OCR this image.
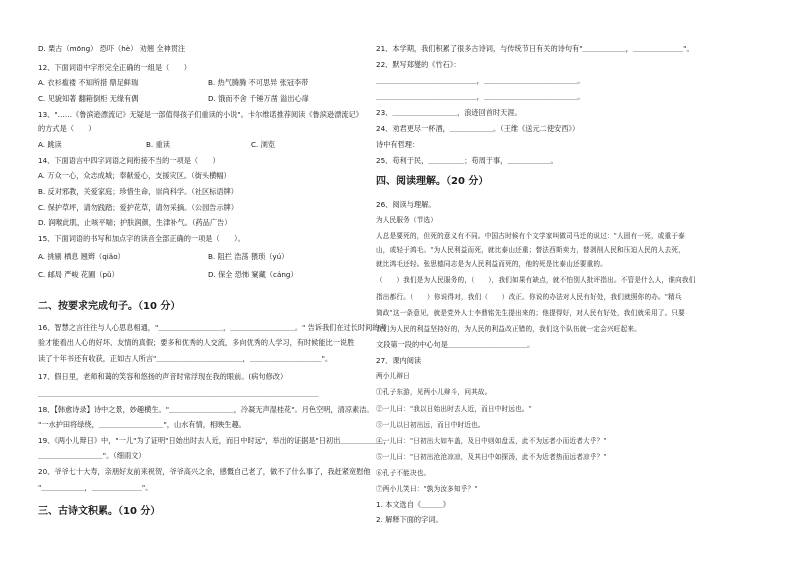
D. 栗古（mōng） 恐吓（hè） 劝翘 全神贯注
12、下面词语中字形完全正确的一组是（　　）
A. 衣衫褴褛 不知所措 鼎足鲜瑞	B. 热气腾腾 不可思异 张冠李带
C. 见貌知著 翻箱倒柜 无缘有偶	D. 饿而不舍 千锤万凿 溢出心扉
13、"……《鲁滨逊漂流记》无疑是一部值得孩子们重读的小说"。卡尔维诺推荐阅读《鲁滨逊漂流记》
的方式是（　　）
A. 跳读	B. 重读	C. 浏览
14、下面语言中四字词语之间衔接不当的一项是（　　）
A. 万众一心，众志成城；奉献爱心，支援灾区。（街头横幅）
B. 反对邪教，关爱家庭；珍惜生命，崇尚科学。（社区标语牌）
C. 保护草坪，请勿践踏；爱护花草，请勿采摘。（公园告示牌）
D. 润喉此肌，止咳平喘；护肤润颜，生津补气。（药品广告）
15、下面词语的书写和加点字的读音全部正确的一项是（　　）。
A. 挑剔 栖息 翘辫（qiǎo）	B. 阻拦 浩荡 猥琐（yú）
C. 邮局 严峻 花圃（pǔ）	D. 保全 恐怖 窠藏（cáng）
16、智慧之言往往与人心思息相通，"＿＿＿＿＿＿＿＿＿，＿＿＿＿＿＿＿＿＿。" 告诉我们在过长时间的考
验才能看出人心的好坏、友情的真假；要多和优秀的人交流，多向优秀的人学习，有时候能比一说胜
读了十年书还有收获，正如古人所言"＿＿＿＿＿＿＿＿＿＿＿＿，＿＿＿＿＿＿＿＿＿＿"。
17、假日里，老师和蔼的笑容和悠扬的声音时常浮现在我的眼前。(病句修改）
＿＿＿＿＿＿＿＿＿＿＿＿＿＿＿＿＿＿＿＿＿＿＿＿＿＿＿＿＿＿＿＿＿＿＿＿＿＿＿
18、【韩愈诗录】诗中之景，妙趣横生。"＿＿＿＿＿＿＿＿＿，冷凝无声湿桂花"。月色空明，清凉素洁。
"一水护田将绿绕，＿＿＿＿＿＿＿＿＿"，山水有情，相映生趣。
19、《两小儿辩日》中，"一儿"为了证明"日始出时去人近，而日中时远"，举出的证据是"日初出＿＿＿＿＿＿，
＿＿＿＿＿＿＿＿＿"。（细雨文）
20、爷爷七十大寿，亲朋好友前来祝贺，爷爷高兴之余，感慨自己老了，做不了什么事了，我赶紧宽慰他
"＿＿＿＿＿＿，＿＿＿＿＿＿＿"。
21、本学期，我们积累了很多古诗词，与传统节日有关的诗句有"＿＿＿＿＿＿，＿＿＿＿＿＿＿"。
22、默写郑燮的《竹石》：
＿＿＿＿＿＿＿＿＿＿＿＿＿＿，＿＿＿＿＿＿＿＿＿＿＿＿＿。
＿＿＿＿＿＿＿＿＿＿＿＿＿＿，＿＿＿＿＿＿＿＿＿＿＿＿＿。
23、＿＿＿＿＿＿＿＿＿，浪迹回首时天涯。
24、劝君更尽一杯酒，＿＿＿＿＿＿。（王维《送元二使安西》）
诗中有哲理：
25、苟利于民，＿＿＿＿＿；苟周于事，＿＿＿＿＿＿。
26、阅读与理解。
为人民服务（节选）
人总是要死的，但死的意义有不同。中国古时候有个文学家叫做司马迁的说过："人固有一死，或重于泰
山，或轻于鸿毛。"为人民利益而死，就比泰山还重；替法西斯卖力，替剥削人民和压迫人民的人去死，
就比鸿毛还轻。张思德同志是为人民利益而死的，他的死是比泰山还要重的。
（　　）我们是为人民服务的，（　　），我们如果有缺点，就不怕别人批评指出。不管是什么人，谁向我们
指出都行。（　　）你说得对，我们（　　）改正。你说的办法对人民有好处，我们就照你的办。"精兵
简政"这一条意见，就是党外人士李鼎铭先生提出来的；他提得好，对人民有好处，我们就采用了。只要
我们为人民的利益坚持好的，为人民的利益改正错的，我们这个队伍就一定会兴旺起来。
文段第一段的中心句是＿＿＿＿＿＿＿＿＿＿＿。
27、课内阅读
两小儿辩日
①孔子东游，见两小儿辩斗，问其故。
②一儿曰："我以日始出时去人近，而日中时远也。"
③一儿以日初出远，而日中时近也。
④一儿曰："日初出大如车盖，及日中则如盘盂，此不为远者小而近者大乎？"
⑤一儿曰："日初出沧沧凉凉，及其日中如探汤，此不为近者热而远者凉乎？"
⑥孔子不能决也。
⑦两小儿笑曰："孰为汝多知乎？"
1. 本文选自《＿＿＿》
2. 解释下面的字词。
二、按要求完成句子。（10 分）
三、古诗文积累。（10 分）
四、阅读理解。（20 分）
